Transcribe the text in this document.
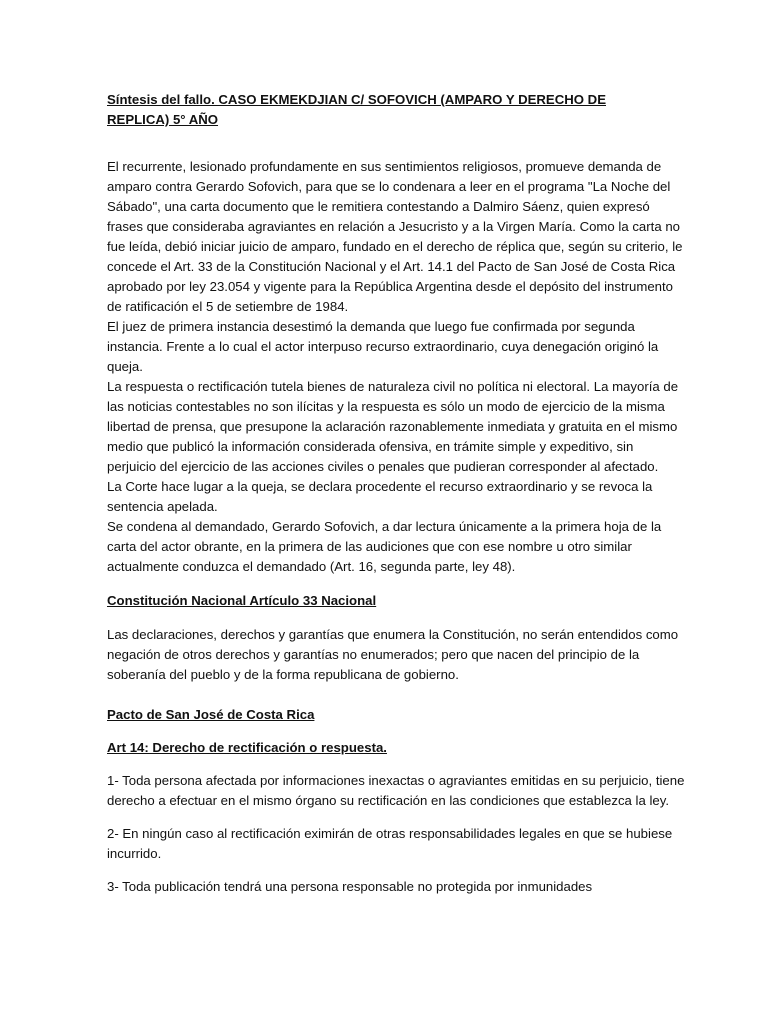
Síntesis del fallo. CASO EKMEKDJIAN C/ SOFOVICH (AMPARO Y DERECHO DE REPLICA) 5° AÑO

El recurrente, lesionado profundamente en sus sentimientos religiosos, promueve demanda de
amparo contra Gerardo Sofovich, para que se lo condenara a leer en el programa "La Noche del
Sábado", una carta documento que le remitiera contestando a Dalmiro Sáenz, quien expresó
frases que consideraba agraviantes en relación a Jesucristo y a la Virgen María. Como la carta no
fue leída, debió iniciar juicio de amparo, fundado en el derecho de réplica que, según su criterio, le
concede el Art. 33 de la Constitución Nacional y el Art. 14.1 del Pacto de San José de Costa Rica
aprobado por ley 23.054 y vigente para la República Argentina desde el depósito del instrumento
de ratificación el 5 de setiembre de 1984.

El juez de primera instancia desestimó la demanda que luego fue confirmada por segunda
instancia. Frente a lo cual el actor interpuso recurso extraordinario, cuya denegación originó la
queja.

La respuesta o rectificación tutela bienes de naturaleza civil no política ni electoral. La mayoría de
las noticias contestables no son ilícitas y la respuesta es sólo un modo de ejercicio de la misma
libertad de prensa, que presupone la aclaración razonablemente inmediata y gratuita en el mismo
medio que publicó la información considerada ofensiva, en trámite simple y expeditivo, sin
perjuicio del ejercicio de las acciones civiles o penales que pudieran corresponder al afectado.

La Corte hace lugar a la queja, se declara procedente el recurso extraordinario y se revoca la
sentencia apelada.

Se condena al demandado, Gerardo Sofovich, a dar lectura únicamente a la primera hoja de la
carta del actor obrante, en la primera de las audiciones que con ese nombre u otro similar
actualmente conduzca el demandado (Art. 16, segunda parte, ley 48).

Constitución Nacional Artículo 33 Nacional

Las declaraciones, derechos y garantías que enumera la Constitución, no serán entendidos como
negación de otros derechos y garantías no enumerados; pero que nacen del principio de la
soberanía del pueblo y de la forma republicana de gobierno.

Pacto de San José de Costa Rica

Art 14: Derecho de rectificación o respuesta.

1- Toda persona afectada por informaciones inexactas o agraviantes emitidas en su perjuicio, tiene
derecho a efectuar en el mismo órgano su rectificación en las condiciones que establezca la ley.

2- En ningún caso al rectificación eximirán de otras responsabilidades legales en que se hubiese
incurrido.

3- Toda publicación tendrá una persona responsable no protegida por inmunidades
